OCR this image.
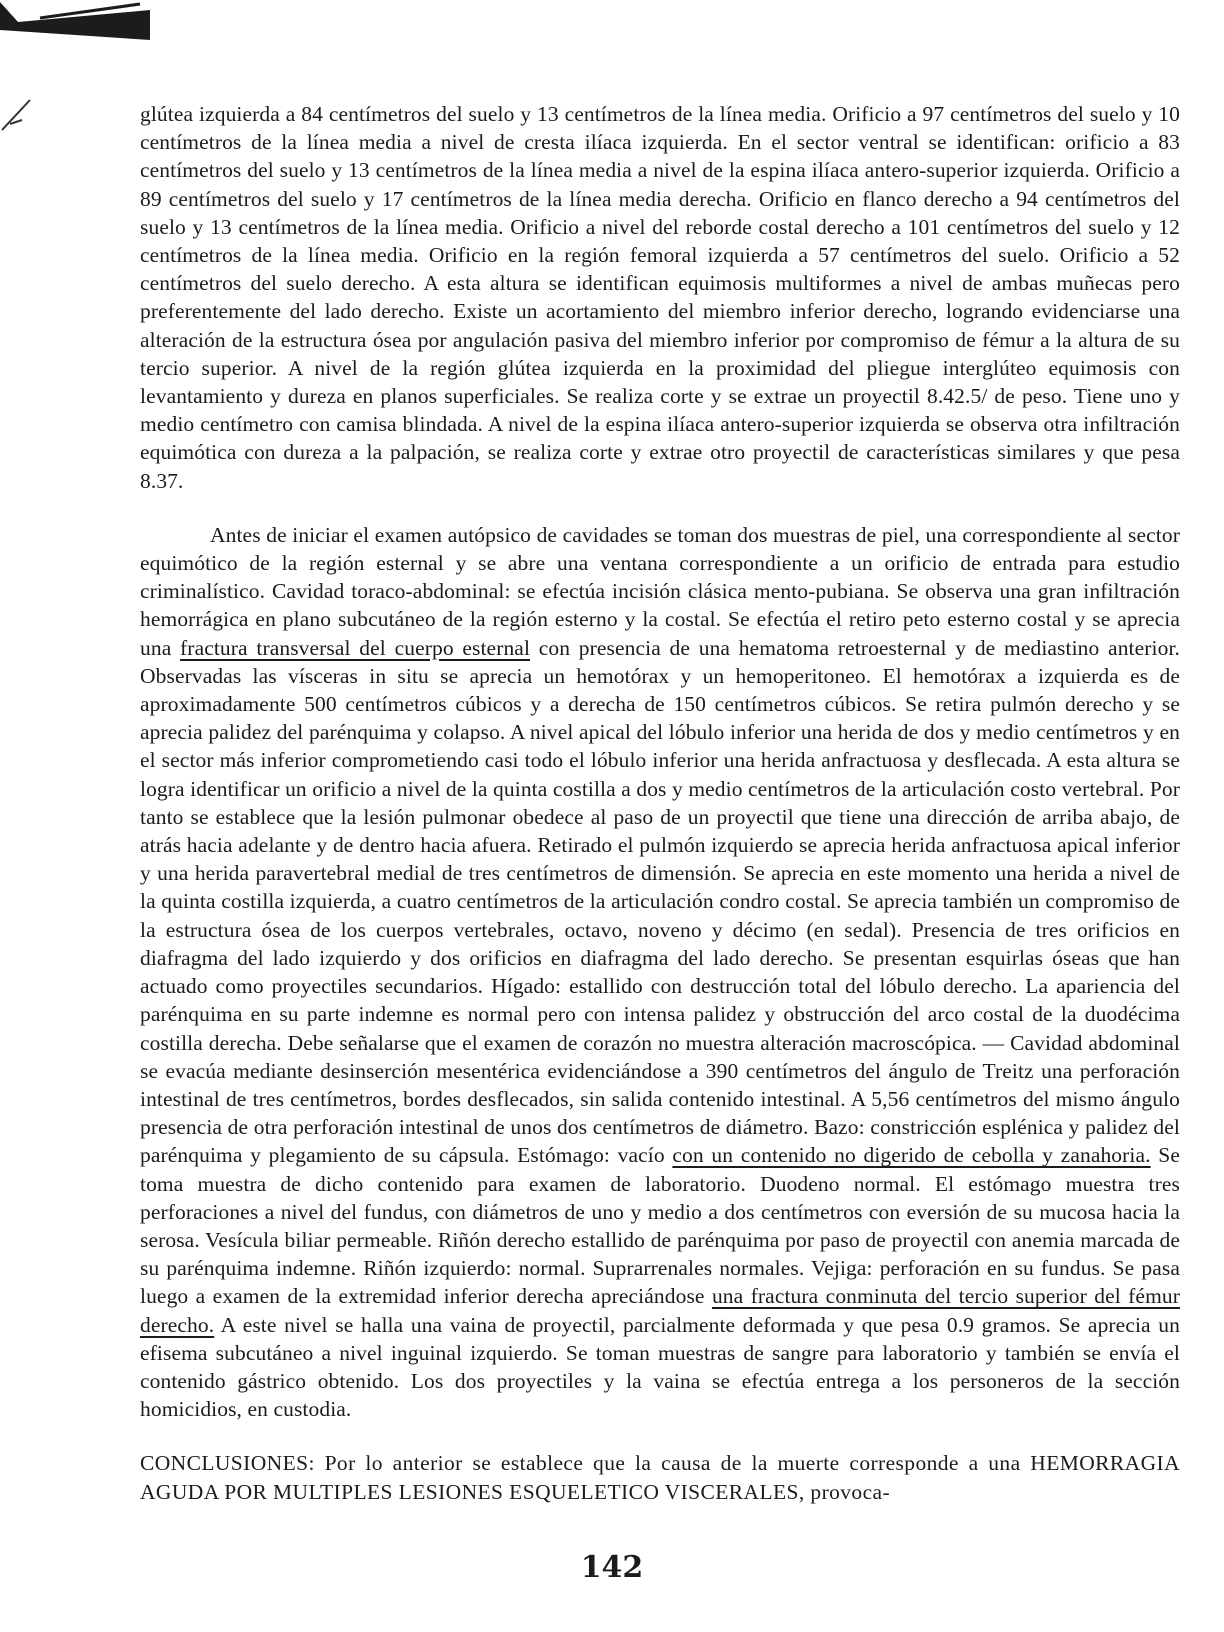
glútea izquierda a 84 centímetros del suelo y 13 centímetros de la línea media. Orificio a 97 centímetros del suelo y 10 centímetros de la línea media a nivel de cresta ilíaca izquierda. En el sector ventral se identifican: orificio a 83 centímetros del suelo y 13 centímetros de la línea media a nivel de la espina ilíaca antero-superior izquierda. Orificio a 89 centímetros del suelo y 17 centímetros de la línea media derecha. Orificio en flanco derecho a 94 centímetros del suelo y 13 centímetros de la línea media. Orificio a nivel del reborde costal derecho a 101 centímetros del suelo y 12 centímetros de la línea media. Orificio en la región femoral izquierda a 57 centímetros del suelo. Orificio a 52 centímetros del suelo derecho. A esta altura se identifican equimosis multiformes a nivel de ambas muñecas pero preferentemente del lado derecho. Existe un acortamiento del miembro inferior derecho, logrando evidenciarse una alteración de la estructura ósea por angulación pasiva del miembro inferior por compromiso de fémur a la altura de su tercio superior. A nivel de la región glútea izquierda en la proximidad del pliegue interglúteo equimosis con levantamiento y dureza en planos superficiales. Se realiza corte y se extrae un proyectil 8.42.5/ de peso. Tiene uno y medio centímetro con camisa blindada. A nivel de la espina ilíaca antero-superior izquierda se observa otra infiltración equimótica con dureza a la palpación, se realiza corte y extrae otro proyectil de características similares y que pesa 8.37.

Antes de iniciar el examen autópsico de cavidades se toman dos muestras de piel, una correspondiente al sector equimótico de la región esternal y se abre una ventana correspondiente a un orificio de entrada para estudio criminalístico. Cavidad toraco-abdominal: se efectúa incisión clásica mento-pubiana. Se observa una gran infiltración hemorrágica en plano subcutáneo de la región esterno y la costal. Se efectúa el retiro peto esterno costal y se aprecia una fractura transversal del cuerpo esternal con presencia de una hematoma retroesternal y de mediastino anterior. Observadas las vísceras in situ se aprecia un hemotórax y un hemoperitoneo. El hemotórax a izquierda es de aproximadamente 500 centímetros cúbicos y a derecha de 150 centímetros cúbicos. Se retira pulmón derecho y se aprecia palidez del parénquima y colapso. A nivel apical del lóbulo inferior una herida de dos y medio centímetros y en el sector más inferior comprometiendo casi todo el lóbulo inferior una herida anfractuosa y desflecada. A esta altura se logra identificar un orificio a nivel de la quinta costilla a dos y medio centímetros de la articulación costo vertebral. Por tanto se establece que la lesión pulmonar obedece al paso de un proyectil que tiene una dirección de arriba abajo, de atrás hacia adelante y de dentro hacia afuera. Retirado el pulmón izquierdo se aprecia herida anfractuosa apical inferior y una herida paravertebral medial de tres centímetros de dimensión. Se aprecia en este momento una herida a nivel de la quinta costilla izquierda, a cuatro centímetros de la articulación condro costal. Se aprecia también un compromiso de la estructura ósea de los cuerpos vertebrales, octavo, noveno y décimo (en sedal). Presencia de tres orificios en diafragma del lado izquierdo y dos orificios en diafragma del lado derecho. Se presentan esquirlas óseas que han actuado como proyectiles secundarios. Hígado: estallido con destrucción total del lóbulo derecho. La apariencia del parénquima en su parte indemne es normal pero con intensa palidez y obstrucción del arco costal de la duodécima costilla derecha. Debe señalarse que el examen de corazón no muestra alteración macroscópica. — Cavidad abdominal se evacúa mediante desinserción mesentérica evidenciándose a 390 centímetros del ángulo de Treitz una perforación intestinal de tres centímetros, bordes desflecados, sin salida contenido intestinal. A 5,56 centímetros del mismo ángulo presencia de otra perforación intestinal de unos dos centímetros de diámetro. Bazo: constricción esplénica y palidez del parénquima y plegamiento de su cápsula. Estómago: vacío con un contenido no digerido de cebolla y zanahoria. Se toma muestra de dicho contenido para examen de laboratorio. Duodeno normal. El estómago muestra tres perforaciones a nivel del fundus, con diámetros de uno y medio a dos centímetros con eversión de su mucosa hacia la serosa. Vesícula biliar permeable. Riñón derecho estallido de parénquima por paso de proyectil con anemia marcada de su parénquima indemne. Riñón izquierdo: normal. Suprarrenales normales. Vejiga: perforación en su fundus. Se pasa luego a examen de la extremidad inferior derecha apreciándose una fractura conminuta del tercio superior del fémur derecho. A este nivel se halla una vaina de proyectil, parcialmente deformada y que pesa 0.9 gramos. Se aprecia un efisema subcutáneo a nivel inguinal izquierdo. Se toman muestras de sangre para laboratorio y también se envía el contenido gástrico obtenido. Los dos proyectiles y la vaina se efectúa entrega a los personeros de la sección homicidios, en custodia.

CONCLUSIONES: Por lo anterior se establece que la causa de la muerte corresponde a una HEMORRAGIA AGUDA POR MULTIPLES LESIONES ESQUELETICO VISCERALES, provoca-

142
